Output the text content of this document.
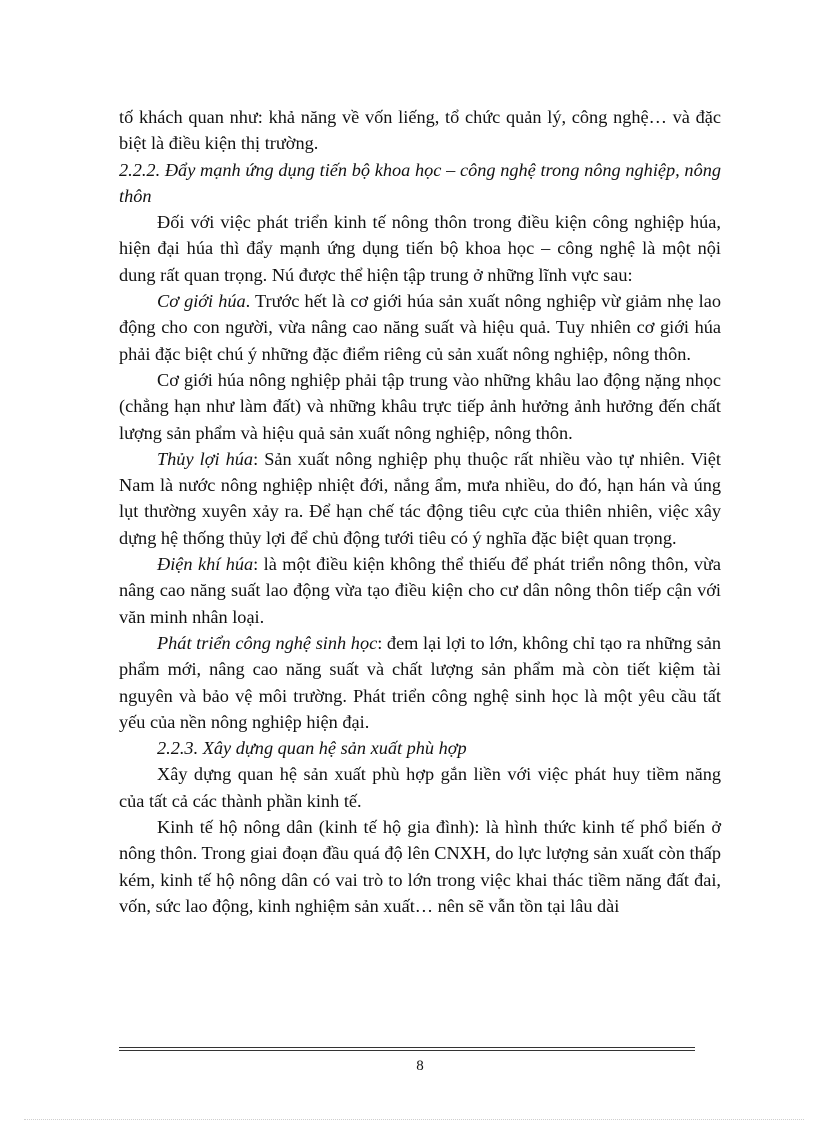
tố khách quan như: khả năng về vốn liếng, tổ chức quản lý, công nghệ… và đặc biệt là điều kiện thị trường.

2.2.2. Đẩy mạnh ứng dụng tiến bộ khoa học – công nghệ trong nông nghiệp, nông thôn

Đối với việc phát triển kinh tế nông thôn trong điều kiện công nghiệp húa, hiện đại húa thì đẩy mạnh ứng dụng tiến bộ khoa học – công nghệ là một nội dung rất quan trọng. Nú được thể hiện tập trung ở những lĩnh vực sau:

Cơ giới húa. Trước hết là cơ giới húa sản xuất nông nghiệp vừ giảm nhẹ lao động cho con người, vừa nâng cao năng suất và hiệu quả. Tuy nhiên cơ giới húa phải đặc biệt chú ý những đặc điểm riêng củ sản xuất nông nghiệp, nông thôn.

Cơ giới húa nông nghiệp phải tập trung vào những khâu lao động nặng nhọc (chẳng hạn như làm đất) và những khâu trực tiếp ảnh hưởng ảnh hưởng đến chất lượng sản phẩm và hiệu quả sản xuất nông nghiệp, nông thôn.

Thủy lợi húa: Sản xuất nông nghiệp phụ thuộc rất nhiều vào tự nhiên. Việt Nam là nước nông nghiệp nhiệt đới, nắng ẩm, mưa nhiều, do đó, hạn hán và úng lụt thường xuyên xảy ra. Để hạn chế tác động tiêu cực của thiên nhiên, việc xây dựng hệ thống thủy lợi để chủ động tưới tiêu có ý nghĩa đặc biệt quan trọng.

Điện khí húa: là một điều kiện không thể thiếu để phát triển nông thôn, vừa nâng cao năng suất lao động vừa tạo điều kiện cho cư dân nông thôn tiếp cận với văn minh nhân loại.

Phát triển công nghệ sinh học: đem lại lợi to lớn, không chỉ tạo ra những sản phẩm mới, nâng cao năng suất và chất lượng sản phẩm mà còn tiết kiệm tài nguyên và bảo vệ môi trường. Phát triển công nghệ sinh học là một yêu cầu tất yếu của nền nông nghiệp hiện đại.

2.2.3. Xây dựng quan hệ sản xuất phù hợp

Xây dựng quan hệ sản xuất phù hợp gắn liền với việc phát huy tiềm năng của tất cả các thành phần kinh tế.

Kinh tế hộ nông dân (kinh tế hộ gia đình): là hình thức kinh tế phổ biến ở nông thôn. Trong giai đoạn đầu quá độ lên CNXH, do lực lượng sản xuất còn thấp kém, kinh tế hộ nông dân có vai trò to lớn trong việc khai thác tiềm năng đất đai, vốn, sức lao động, kinh nghiệm sản xuất… nên sẽ vẫn tồn tại lâu dài

8
